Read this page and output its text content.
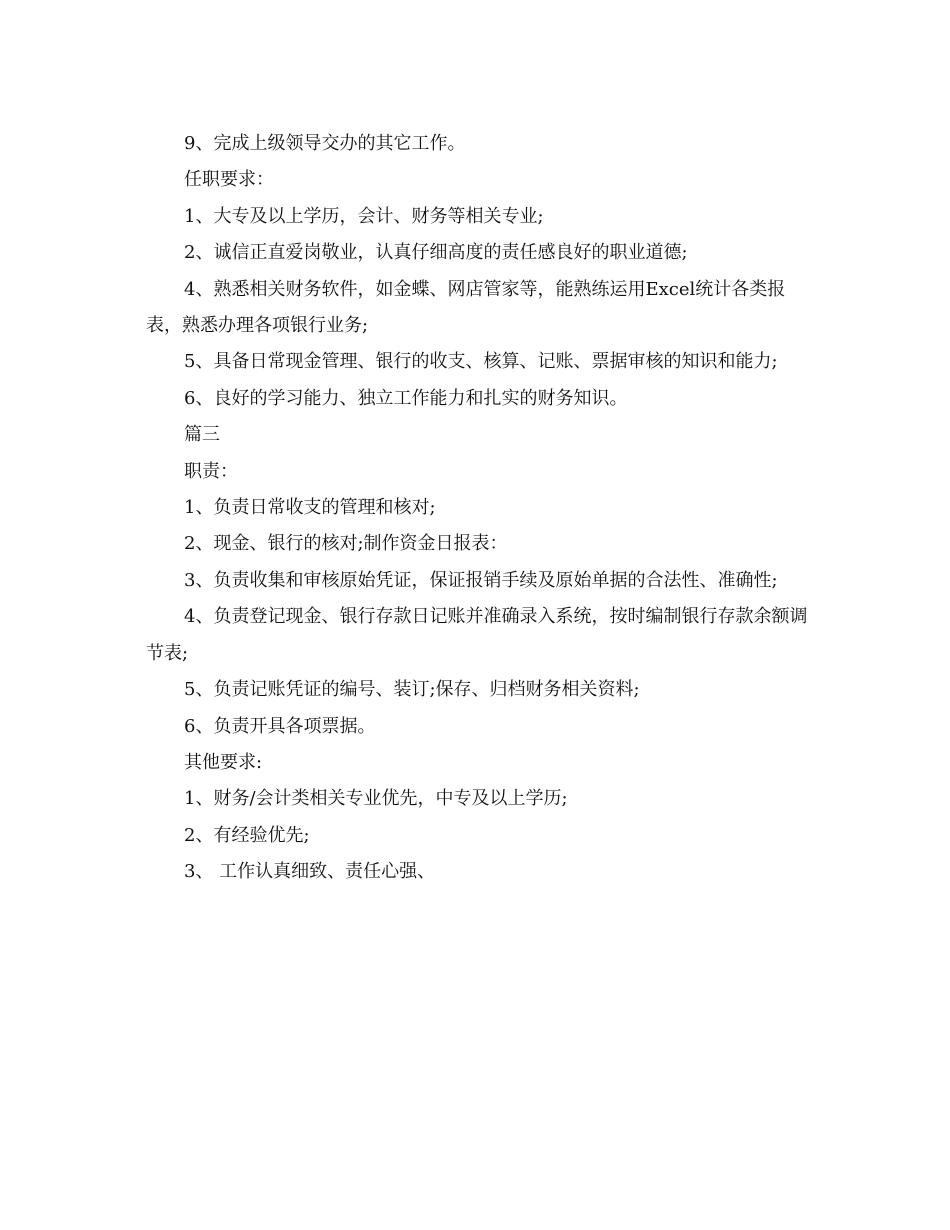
9、完成上级领导交办的其它工作。

任职要求：

1、大专及以上学历，会计、财务等相关专业;

2、诚信正直爱岗敬业，认真仔细高度的责任感良好的职业道德;

4、熟悉相关财务软件，如金蝶、网店管家等，能熟练运用Excel统计各类报表，熟悉办理各项银行业务;

5、具备日常现金管理、银行的收支、核算、记账、票据审核的知识和能力;

6、良好的学习能力、独立工作能力和扎实的财务知识。

篇三

职责：

1、负责日常收支的管理和核对;

2、现金、银行的核对;制作资金日报表：

3、负责收集和审核原始凭证，保证报销手续及原始单据的合法性、准确性;

4、负责登记现金、银行存款日记账并准确录入系统，按时编制银行存款余额调节表;

5、负责记账凭证的编号、装订;保存、归档财务相关资料;

6、负责开具各项票据。

其他要求:

1、财务/会计类相关专业优先，中专及以上学历;

2、有经验优先;

3、 工作认真细致、责任心强、
